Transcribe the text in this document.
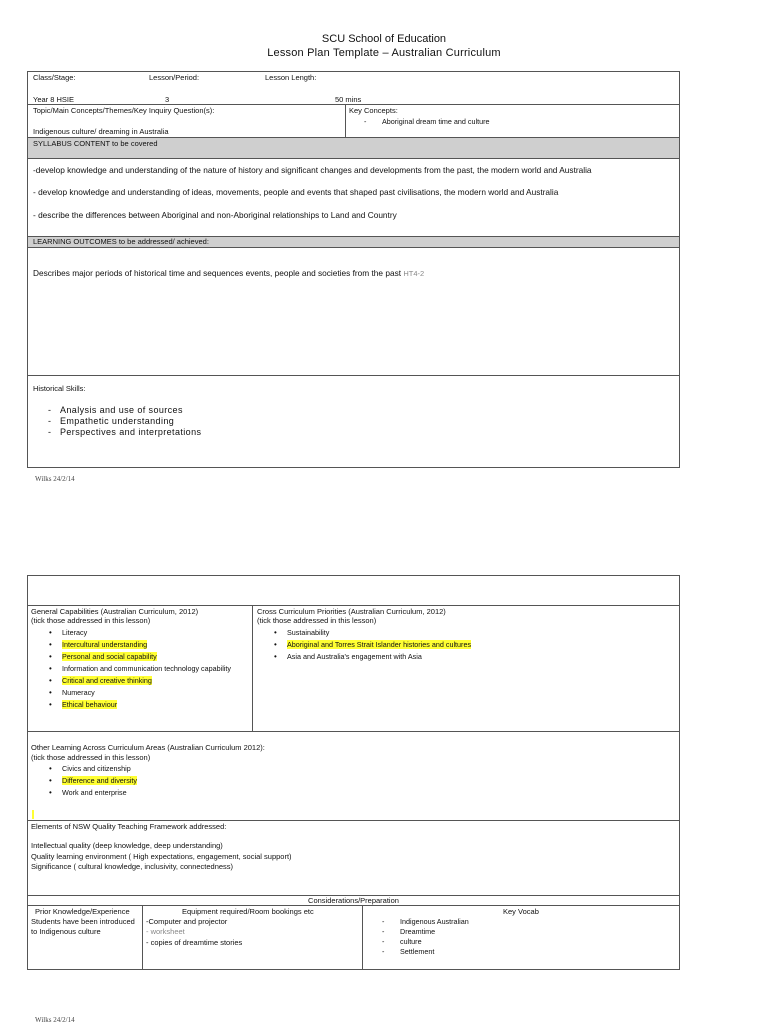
SCU School of Education
Lesson Plan Template – Australian Curriculum
Class/Stage:	Lesson/Period:	Lesson Length:
Year 8 HSIE	3	50 mins
Topic/Main Concepts/Themes/Key Inquiry Question(s):
Indigenous culture/ dreaming in Australia
Key Concepts:
- Aboriginal dream time and culture
SYLLABUS CONTENT to be covered
-develop knowledge and understanding of the nature of history and significant changes and developments from the past, the modern world and Australia
- develop knowledge and understanding of ideas, movements, people and events that shaped past civilisations, the modern world and Australia
- describe the differences between Aboriginal and non-Aboriginal relationships to Land and Country
LEARNING OUTCOMES to be addressed/ achieved:
Describes major periods of historical time and sequences events, people and societies from the past HT4-2
Historical Skills:
- Analysis and use of sources
- Empathetic understanding
- Perspectives and interpretations
Wilks 24/2/14
General Capabilities (Australian Curriculum, 2012)
(tick those addressed in this lesson)
• Literacy
• Intercultural understanding
• Personal and social capability
• Information and communication technology capability
• Critical and creative thinking
• Numeracy
• Ethical behaviour
Cross Curriculum Priorities (Australian Curriculum, 2012)
(tick those addressed in this lesson)
• Sustainability
• Aboriginal and Torres Strait Islander histories and cultures
• Asia and Australia's engagement with Asia
Other Learning Across Curriculum Areas (Australian Curriculum 2012):
(tick those addressed in this lesson)
• Civics and citizenship
• Difference and diversity
• Work and enterprise
Elements of NSW Quality Teaching Framework addressed:
Intellectual quality (deep knowledge, deep understanding)
Quality learning environment ( High expectations, engagement, social support)
Significance ( cultural knowledge, inclusivity, connectedness)
Considerations/Preparation
Prior Knowledge/Experience
Students have been introduced
to Indigenous culture
Equipment required/Room bookings etc
-Computer and projector
- worksheet
- copies of dreamtime stories
Key Vocab
- Indigenous Australian
- Dreamtime
- culture
- Settlement
Wilks 24/2/14
